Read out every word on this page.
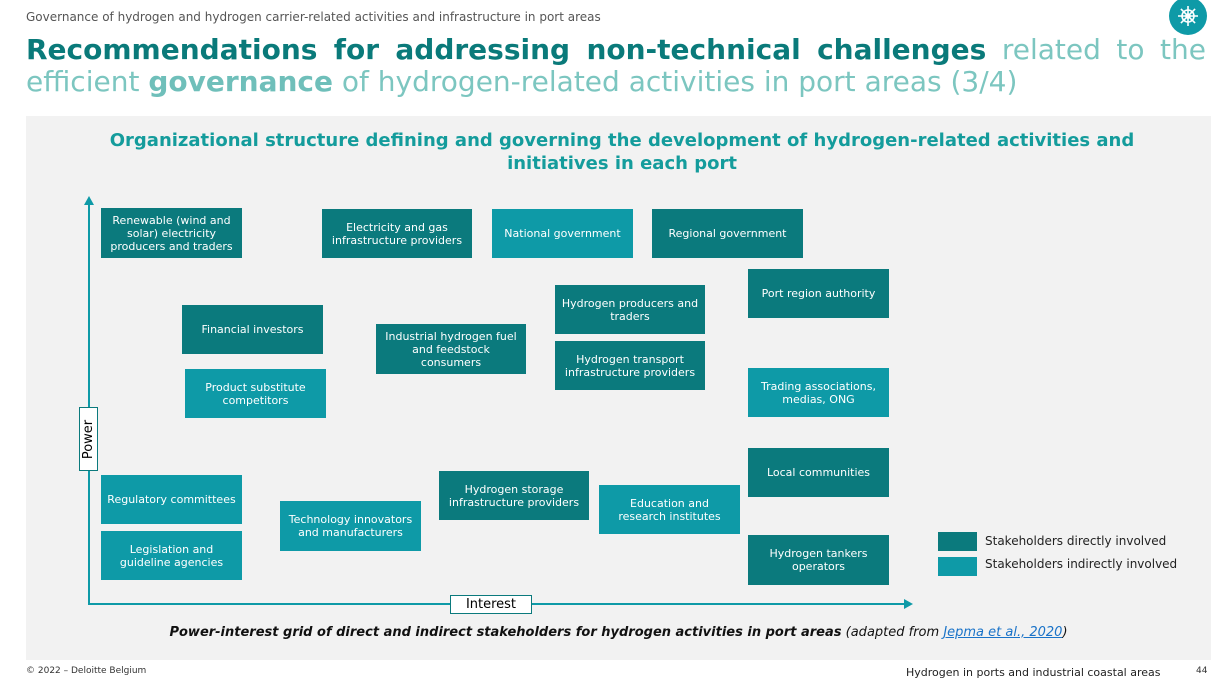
Governance of hydrogen and hydrogen carrier-related activities and infrastructure in port areas
Recommendations for addressing non-technical challenges related to the efficient governance of hydrogen-related activities in port areas (3/4)
Organizational structure defining and governing the development of hydrogen-related activities and initiatives in each port
Power
Interest
Renewable (wind and solar) electricity producers and traders
Electricity and gas infrastructure providers	National government	Regional government
Port region authority
Hydrogen producers and traders
Financial investors	Industrial hydrogen fuel and feedstock consumers	Hydrogen transport infrastructure providers
Product substitute competitors
Trading associations, medias, ONG
Local communities
Regulatory committees
Hydrogen storage infrastructure providers	Education and research institutes
Technology innovators and manufacturers
Legislation and guideline agencies
Hydrogen tankers operators
Stakeholders directly involved
Stakeholders indirectly involved
Power-interest grid of direct and indirect stakeholders for hydrogen activities in port areas (adapted from Jepma et al., 2020)
© 2022 – Deloitte Belgium	Hydrogen in ports and industrial coastal areas	44
